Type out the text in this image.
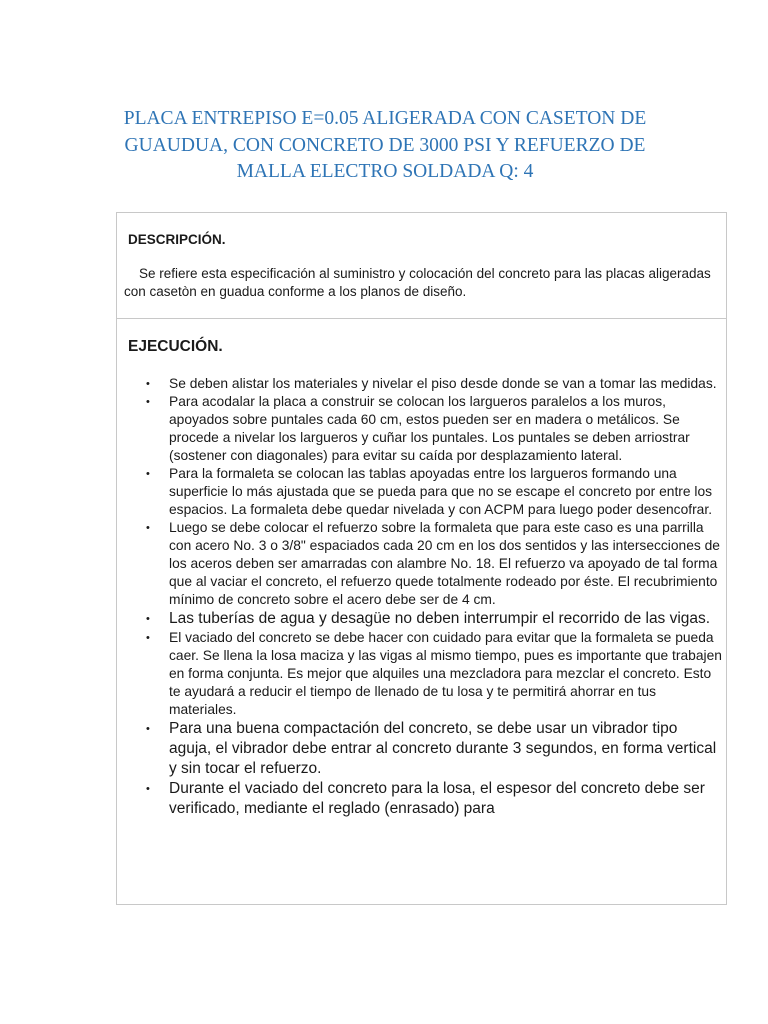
PLACA ENTREPISO E=0.05 ALIGERADA CON CASETON DE GUAUDUA, CON CONCRETO DE 3000 PSI Y REFUERZO DE MALLA ELECTRO SOLDADA Q: 4

DESCRIPCIÓN.

Se refiere esta especificación al suministro y colocación del concreto para las placas aligeradas con casetòn en guadua conforme a los planos de diseño.

EJECUCIÓN.

• Se deben alistar los materiales y nivelar el piso desde donde se van a tomar las medidas.
• Para acodalar la placa a construir se colocan los largueros paralelos a los muros, apoyados sobre puntales cada 60 cm, estos pueden ser en madera o metálicos. Se procede a nivelar los largueros y cuñar los puntales. Los puntales se deben arriostrar (sostener con diagonales) para evitar su caída por desplazamiento lateral.
• Para la formaleta se colocan las tablas apoyadas entre los largueros formando una superficie lo más ajustada que se pueda para que no se escape el concreto por entre los espacios. La formaleta debe quedar nivelada y con ACPM para luego poder desencofrar.
• Luego se debe colocar el refuerzo sobre la formaleta que para este caso es una parrilla con acero No. 3 o 3/8" espaciados cada 20 cm en los dos sentidos y las intersecciones de los aceros deben ser amarradas con alambre No. 18. El refuerzo va apoyado de tal forma que al vaciar el concreto, el refuerzo quede totalmente rodeado por éste. El recubrimiento mínimo de concreto sobre el acero debe ser de 4 cm.
• Las tuberías de agua y desagüe no deben interrumpir el recorrido de las vigas.
• El vaciado del concreto se debe hacer con cuidado para evitar que la formaleta se pueda caer. Se llena la losa maciza y las vigas al mismo tiempo, pues es importante que trabajen en forma conjunta. Es mejor que alquiles una mezcladora para mezclar el concreto. Esto te ayudará a reducir el tiempo de llenado de tu losa y te permitirá ahorrar en tus materiales.
• Para una buena compactación del concreto, se debe usar un vibrador tipo aguja, el vibrador debe entrar al concreto durante 3 segundos, en forma vertical y sin tocar el refuerzo.
• Durante el vaciado del concreto para la losa, el espesor del concreto debe ser verificado, mediante el reglado (enrasado) para
